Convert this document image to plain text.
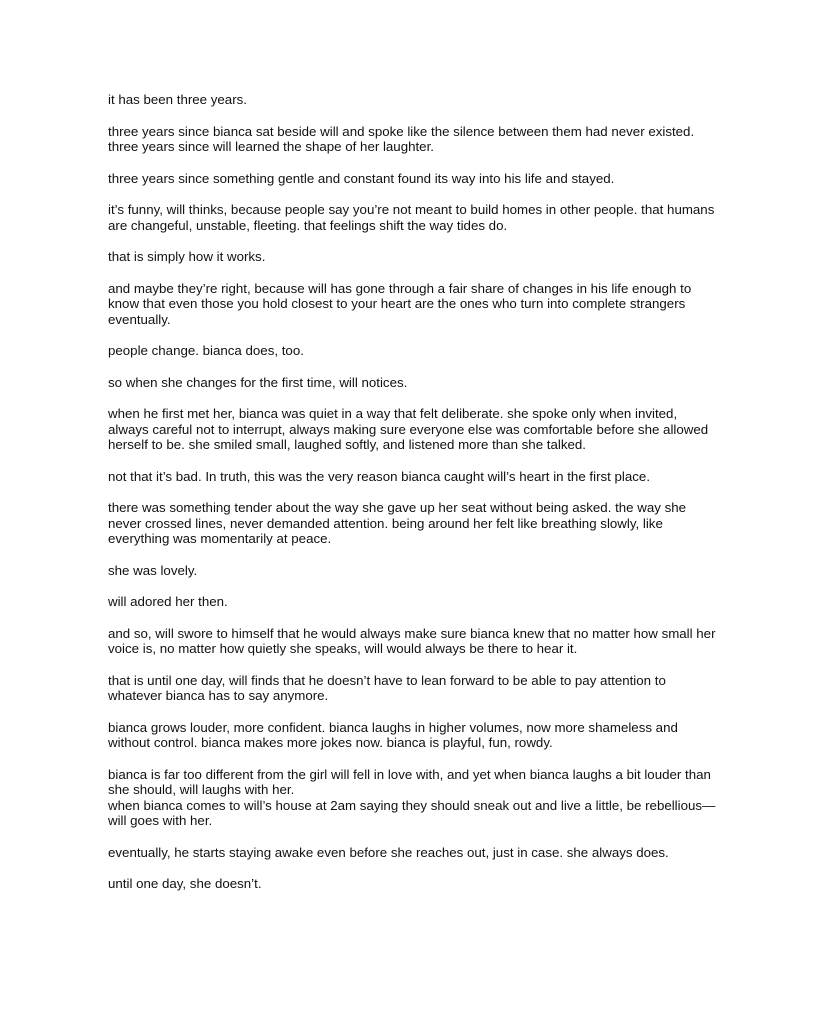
it has been three years.

three years since bianca sat beside will and spoke like the silence between them had never existed.
three years since will learned the shape of her laughter.

three years since something gentle and constant found its way into his life and stayed.

it’s funny, will thinks, because people say you’re not meant to build homes in other people. that humans are changeful, unstable, fleeting. that feelings shift the way tides do.

that is simply how it works.

and maybe they’re right, because will has gone through a fair share of changes in his life enough to know that even those you hold closest to your heart are the ones who turn into complete strangers eventually.

people change. bianca does, too.

so when she changes for the first time, will notices.

when he first met her, bianca was quiet in a way that felt deliberate. she spoke only when invited, always careful not to interrupt, always making sure everyone else was comfortable before she allowed herself to be. she smiled small, laughed softly, and listened more than she talked.

not that it’s bad. In truth, this was the very reason bianca caught will’s heart in the first place.

there was something tender about the way she gave up her seat without being asked. the way she never crossed lines, never demanded attention. being around her felt like breathing slowly, like everything was momentarily at peace.

she was lovely.

will adored her then.

and so, will swore to himself that he would always make sure bianca knew that no matter how small her voice is, no matter how quietly she speaks, will would always be there to hear it.

that is until one day, will finds that he doesn’t have to lean forward to be able to pay attention to whatever bianca has to say anymore.

bianca grows louder, more confident. bianca laughs in higher volumes, now more shameless and without control. bianca makes more jokes now. bianca is playful, fun, rowdy.

bianca is far too different from the girl will fell in love with, and yet when bianca laughs a bit louder than she should, will laughs with her.
when bianca comes to will’s house at 2am saying they should sneak out and live a little, be rebellious—will goes with her.

eventually, he starts staying awake even before she reaches out, just in case. she always does.

until one day, she doesn’t.
